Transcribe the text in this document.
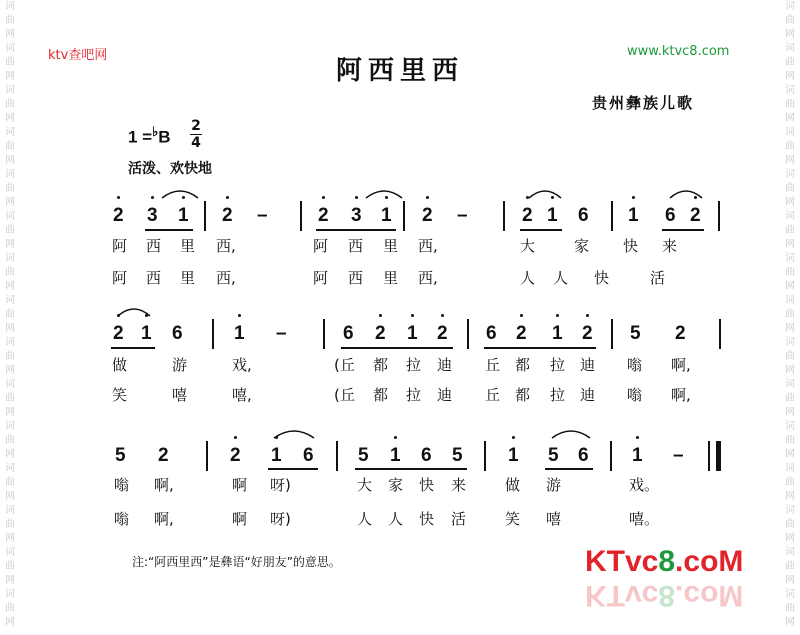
词
曲
网
词
曲
网
词
曲
网
词
曲
网
词
曲
网
词
曲
网
词
曲
网
词
曲
网
词
曲
网
词
曲
网
词
曲
网
词
曲
网
词
曲
网
词
曲
网
词
曲
网
词
曲
网
词
曲
网
词
曲
网
词
曲
网
词
曲
网
词
曲
网
词
曲
网
词
曲
网
词
曲
网
词
曲
网
词
曲
网
词
曲
网
词
曲
网
词
曲
网
词
曲
网
ktv查吧网	www.ktvc8.com
阿西里西
贵州彝族儿歌
1 =♭B
2
4
活泼、欢快地
2 3 1 2 –	2 3 1 2 –	2 1 6 1 6 2
阿 西 里 西,	阿 西 里 西,	大	家 快 来
阿 西 里 西,	阿 西 里 西,	人 人 快	活
2 1 6	1 –	6 2 1 2 6 2 1 2 5 2
做	游	戏,	(丘 都 拉 迪 丘 都 拉 迪 嗡 啊,
笑	嘻	嘻,	(丘 都 拉 迪 丘 都 拉 迪 嗡 啊,
5 2	2 1 6 5 1 6 5 1 5 6 1 –
嗡 啊,	啊 呀)	大 家 快 来	做 游	戏。
嗡 啊,	啊 呀)	人 人 快 活	笑 嘻	嘻。
注:“阿西里西”是彝语“好朋友”的意思。	KTvc8.coM
KTvc8.coM
